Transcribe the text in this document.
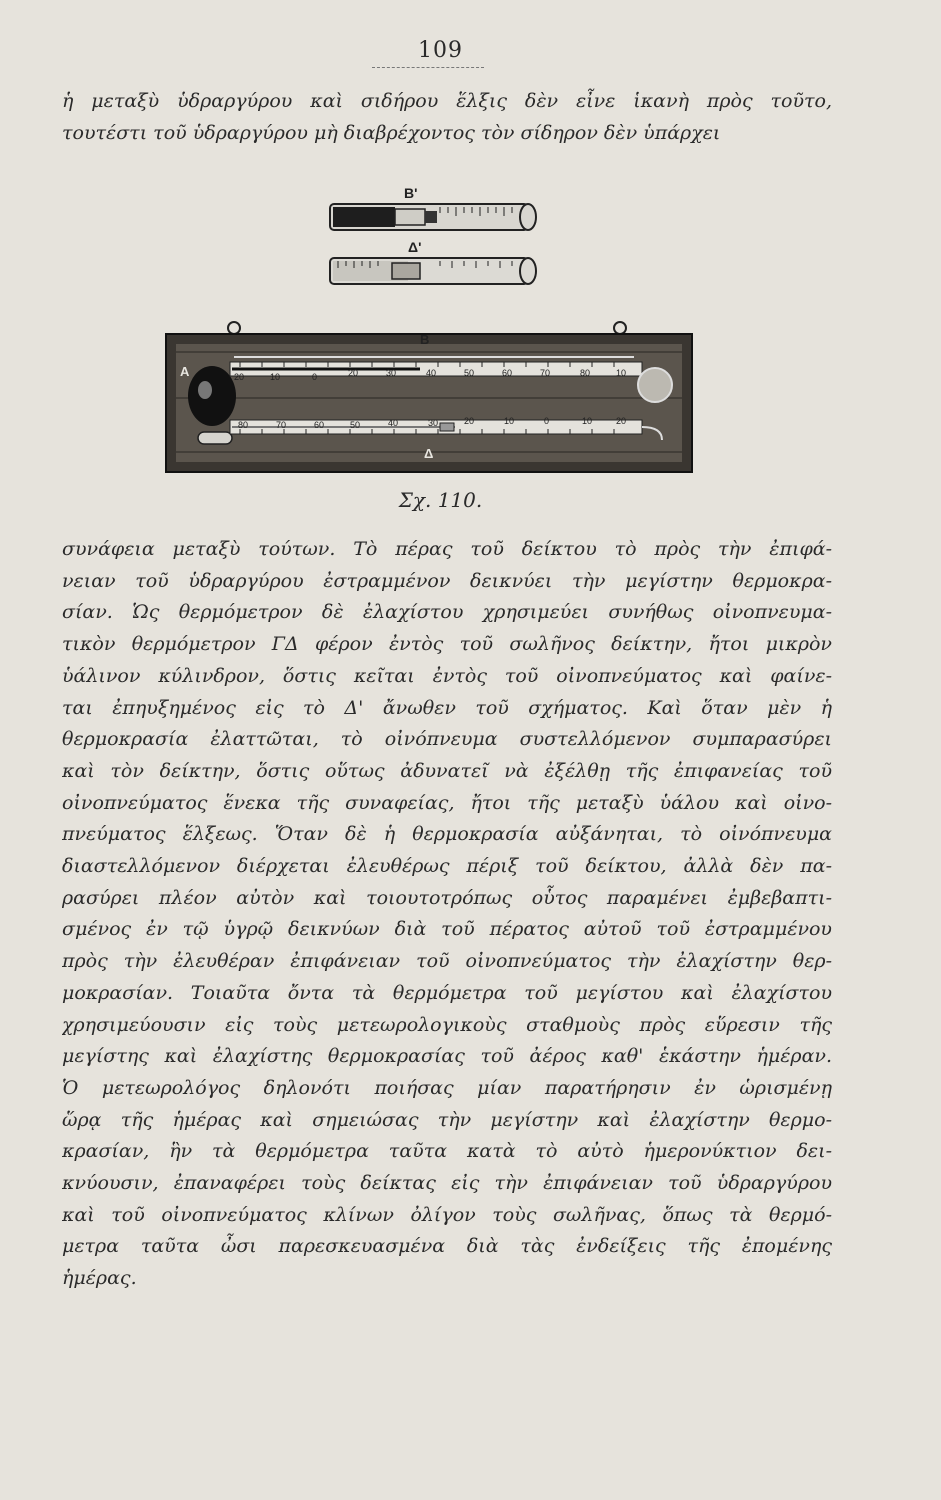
109
ἡ μεταξὺ ὑδραργύρου καὶ σιδήρου ἕλξις δὲν εἶνε ἱκανὴ πρὸς τοῦτο,
τουτέστι τοῦ ὑδραργύρου μὴ διαβρέχοντος τὸν σίδηρον δὲν ὑπάρχει
Β'
Δ'
20	10	0	20	30	40	50	60	70	80	10
80	70	60	50	40	30	20	10	0	10	20
Β
Α
Δ
Σχ. 110.
συνάφεια μεταξὺ τούτων. Τὸ πέρας τοῦ δείκτου τὸ πρὸς τὴν ἐπιφά-
νειαν τοῦ ὑδραργύρου ἐστραμμένον δεικνύει τὴν μεγίστην θερμοκρα-
σίαν. Ὡς θερμόμετρον δὲ ἐλαχίστου χρησιμεύει συνήθως οἰνοπνευμα-
τικὸν θερμόμετρον ΓΔ φέρον ἐντὸς τοῦ σωλῆνος δείκτην, ἤτοι μικρὸν
ὑάλινον κύλινδρον, ὅστις κεῖται ἐντὸς τοῦ οἰνοπνεύματος καὶ φαίνε-
ται ἐπηυξημένος εἰς τὸ Δ' ἄνωθεν τοῦ σχήματος. Καὶ ὅταν μὲν ἡ
θερμοκρασία ἐλαττῶται, τὸ οἰνόπνευμα συστελλόμενον συμπαρασύρει
καὶ τὸν δείκτην, ὅστις οὕτως ἀδυνατεῖ νὰ ἐξέλθῃ τῆς ἐπιφανείας τοῦ
οἰνοπνεύματος ἕνεκα τῆς συναφείας, ἤτοι τῆς μεταξὺ ὑάλου καὶ οἰνο-
πνεύματος ἕλξεως. Ὅταν δὲ ἡ θερμοκρασία αὐξάνηται, τὸ οἰνόπνευμα
διαστελλόμενον διέρχεται ἐλευθέρως πέριξ τοῦ δείκτου, ἀλλὰ δὲν πα-
ρασύρει πλέον αὐτὸν καὶ τοιουτοτρόπως οὗτος παραμένει ἐμβεβαπτι-
σμένος ἐν τῷ ὑγρῷ δεικνύων διὰ τοῦ πέρατος αὐτοῦ τοῦ ἐστραμμένου
πρὸς τὴν ἐλευθέραν ἐπιφάνειαν τοῦ οἰνοπνεύματος τὴν ἐλαχίστην θερ-
μοκρασίαν. Τοιαῦτα ὄντα τὰ θερμόμετρα τοῦ μεγίστου καὶ ἐλαχίστου
χρησιμεύουσιν εἰς τοὺς μετεωρολογικοὺς σταθμοὺς πρὸς εὕρεσιν τῆς
μεγίστης καὶ ἐλαχίστης θερμοκρασίας τοῦ ἀέρος καθ' ἑκάστην ἡμέραν.
Ὁ μετεωρολόγος δηλονότι ποιήσας μίαν παρατήρησιν ἐν ὡρισμένῃ
ὥρᾳ τῆς ἡμέρας καὶ σημειώσας τὴν μεγίστην καὶ ἐλαχίστην θερμο-
κρασίαν, ἣν τὰ θερμόμετρα ταῦτα κατὰ τὸ αὐτὸ ἡμερονύκτιον δει-
κνύουσιν, ἐπαναφέρει τοὺς δείκτας εἰς τὴν ἐπιφάνειαν τοῦ ὑδραργύρου
καὶ τοῦ οἰνοπνεύματος κλίνων ὀλίγον τοὺς σωλῆνας, ὅπως τὰ θερμό-
μετρα ταῦτα ὦσι παρεσκευασμένα διὰ τὰς ἐνδείξεις τῆς ἐπομένης
ἡμέρας.
